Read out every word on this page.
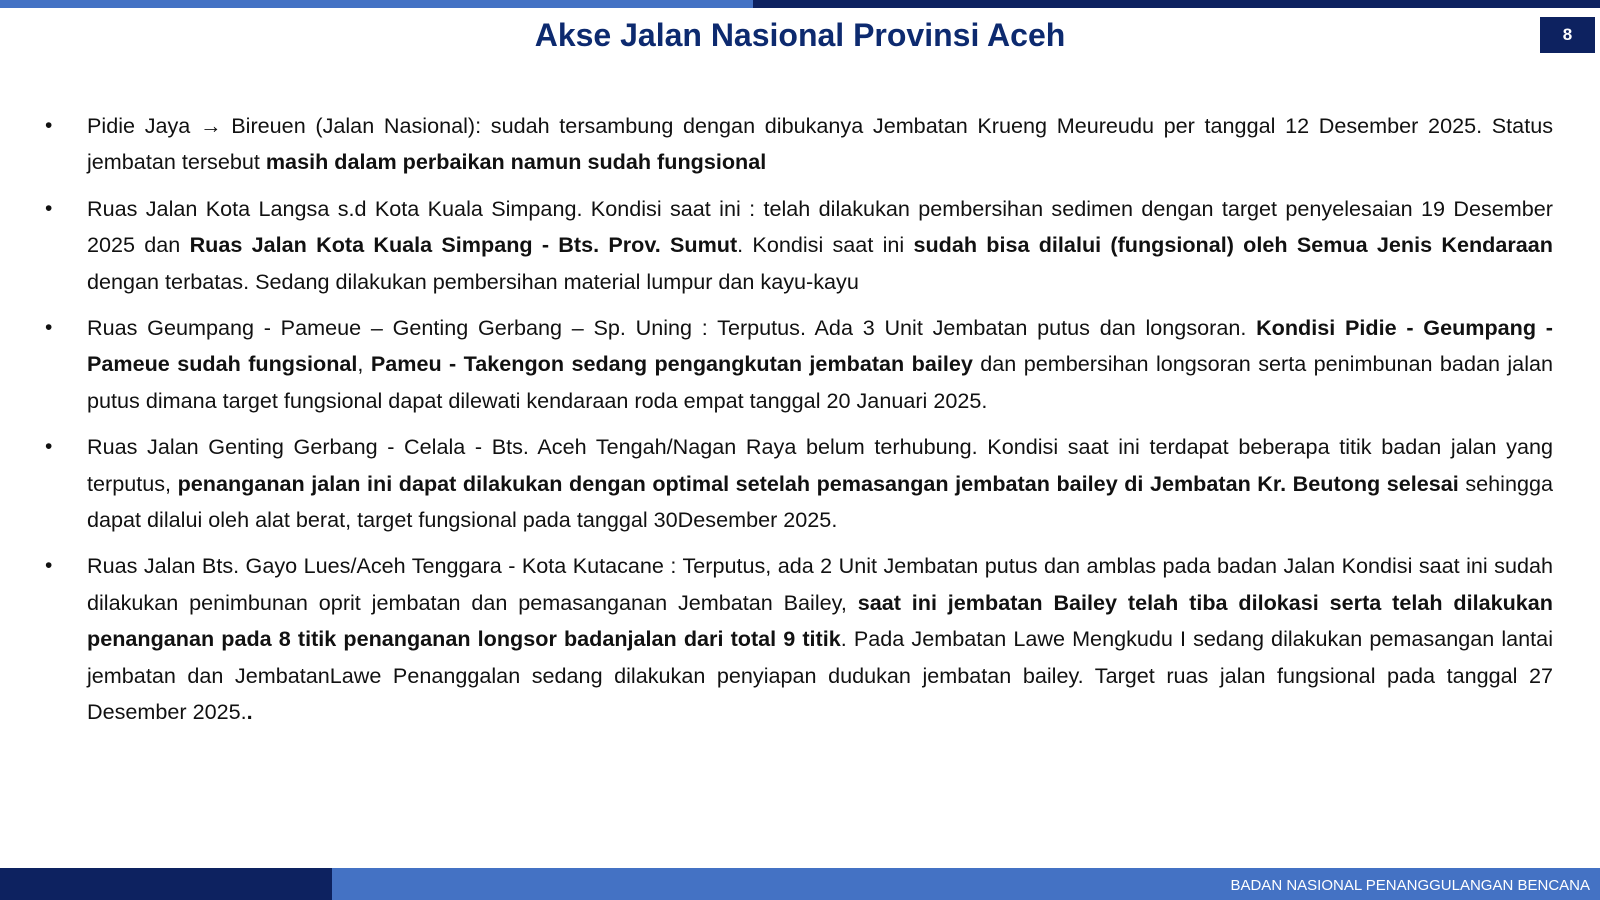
Akse Jalan Nasional Provinsi Aceh	8
•	Pidie Jaya → Bireuen (Jalan Nasional): sudah tersambung dengan dibukanya Jembatan Krueng Meureudu per tanggal 12 Desember 2025. Status jembatan tersebut masih dalam perbaikan namun sudah fungsional
•	Ruas Jalan Kota Langsa s.d Kota Kuala Simpang. Kondisi saat ini : telah dilakukan pembersihan sedimen dengan target penyelesaian 19 Desember 2025 dan Ruas Jalan Kota Kuala Simpang - Bts. Prov. Sumut. Kondisi saat ini sudah bisa dilalui (fungsional) oleh Semua Jenis Kendaraan dengan terbatas. Sedang dilakukan pembersihan material lumpur dan kayu-kayu
•	Ruas Geumpang - Pameue – Genting Gerbang – Sp. Uning : Terputus. Ada 3 Unit Jembatan putus dan longsoran. Kondisi Pidie - Geumpang - Pameue sudah fungsional, Pameu - Takengon sedang pengangkutan jembatan bailey dan pembersihan longsoran serta penimbunan badan jalan putus dimana target fungsional dapat dilewati kendaraan roda empat tanggal 20 Januari 2025.
•	Ruas Jalan Genting Gerbang - Celala - Bts. Aceh Tengah/Nagan Raya belum terhubung. Kondisi saat ini terdapat beberapa titik badan jalan yang terputus, penanganan jalan ini dapat dilakukan dengan optimal setelah pemasangan jembatan bailey di Jembatan Kr. Beutong selesai sehingga dapat dilalui oleh alat berat, target fungsional pada tanggal 30Desember 2025.
•	Ruas Jalan Bts. Gayo Lues/Aceh Tenggara - Kota Kutacane : Terputus, ada 2 Unit Jembatan putus dan amblas pada badan Jalan Kondisi saat ini sudah dilakukan penimbunan oprit jembatan dan pemasanganan Jembatan Bailey, saat ini jembatan Bailey telah tiba dilokasi serta telah dilakukan penanganan pada 8 titik penanganan longsor badanjalan dari total 9 titik. Pada Jembatan Lawe Mengkudu I sedang dilakukan pemasangan lantai jembatan dan JembatanLawe Penanggalan sedang dilakukan penyiapan dudukan jembatan bailey. Target ruas jalan fungsional pada tanggal 27 Desember 2025..
BADAN NASIONAL PENANGGULANGAN BENCANA
